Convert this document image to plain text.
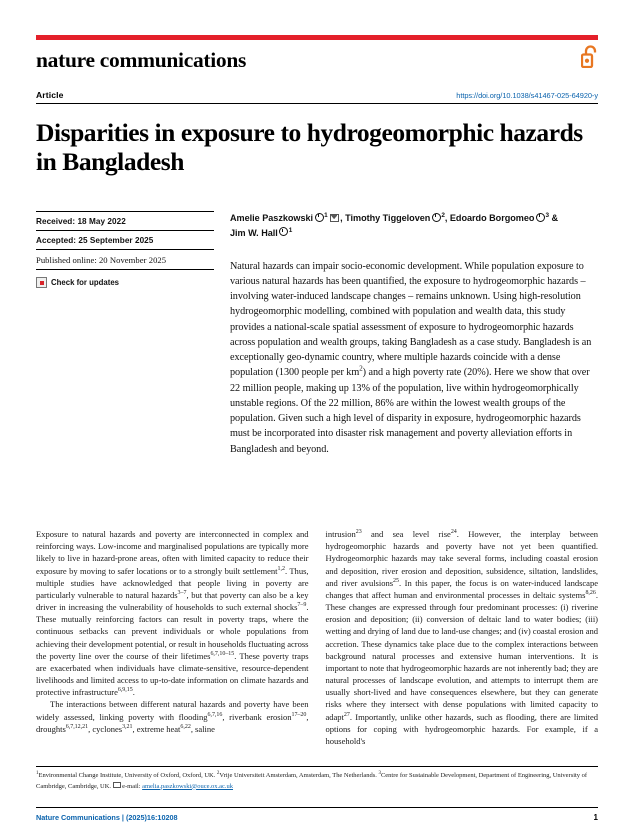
nature communications
Article	https://doi.org/10.1038/s41467-025-64920-y
Disparities in exposure to hydrogeomorphic hazards in Bangladesh
Received: 18 May 2022
Accepted: 25 September 2025
Published online: 20 November 2025
Check for updates
Amelie Paszkowski $^1$ , Timothy Tiggeloven $^2$, Edoardo Borgomeo $^3$ &
Jim W. Hall $^1$
Natural hazards can impair socio-economic development. While population exposure to various natural hazards has been quantified, the exposure to hydrogeomorphic hazards – involving water-induced landscape changes – remains unknown. Using high-resolution hydrogeomorphic modelling, combined with population and wealth data, this study provides a national-scale spatial assessment of exposure to hydrogeomorphic hazards across population and wealth groups, taking Bangladesh as a case study. Bangladesh is an exceptionally geo-dynamic country, where multiple hazards coincide with a dense population (1300 people per $km^2$) and a high poverty rate (20%). Here we show that over 22 million people, making up 13% of the population, live within hydrogeomorphically unstable regions. Of the 22 million, 86% are within the lowest wealth groups of the population. Given such a high level of disparity in exposure, hydrogeomorphic hazards must be incorporated into disaster risk management and poverty alleviation efforts in Bangladesh and beyond.

Exposure to natural hazards and poverty are interconnected in complex and reinforcing ways. Low-income and marginalised populations are typically more likely to live in hazard-prone areas, often with limited capacity to reduce their exposure by moving to safer locations or to a strongly built settlement$^{1,2}$. Thus, multiple studies have acknowledged that people living in poverty are particularly vulnerable to natural hazards$^{3-7}$, but that poverty can also be a key driver in increasing the vulnerability of households to such external shocks$^{7-9}$. These mutually reinforcing factors can result in poverty traps, where the continuous setbacks can prevent individuals or whole populations from achieving their development potential, or result in households fluctuating across the poverty line over the course of their lifetimes$^{6,7,10-15}$. These poverty traps are exacerbated when individuals have climate-sensitive, resource-dependent livelihoods and limited access to up-to-date information on climate hazards and protective infrastructure$^{6,9,15}$.

The interactions between different natural hazards and poverty have been widely assessed, linking poverty with flooding$^{6,7,16}$, riverbank erosion$^{17-20}$, droughts$^{6,7,12,21}$, cyclones$^{3,21}$, extreme heat$^{6,22}$, saline

intrusion$^{23}$ and sea level rise$^{24}$. However, the interplay between hydrogeomorphic hazards and poverty have not yet been quantified. Hydrogeomorphic hazards may take several forms, including coastal erosion and deposition, river erosion and deposition, subsidence, siltation, landslides, and river avulsions$^{25}$. In this paper, the focus is on water-induced landscape changes that affect human and environmental processes in deltaic systems$^{8,26}$. These changes are expressed through four predominant processes: (i) riverine erosion and deposition; (ii) conversion of deltaic land to water bodies; (iii) wetting and drying of land due to land-use changes; and (iv) coastal erosion and accretion. These dynamics take place due to the complex interactions between background natural processes and extensive human interventions. It is important to note that hydrogeomorphic hazards are not inherently bad; they are natural processes of landscape evolution, and attempts to interrupt them are usually short-lived and have consequences elsewhere, but they can generate risks where they intersect with dense populations with limited capacity to adapt$^{27}$. Importantly, unlike other hazards, such as flooding, there are limited options for coping with hydrogeomorphic hazards. For example, if a household's

$^1$Environmental Change Institute, University of Oxford, Oxford, UK. $^2$Vrije Universiteit Amsterdam, Amsterdam, The Netherlands. $^3$Centre for Sustainable Development, Department of Engineering, University of Cambridge, Cambridge, UK. e-mail: amelia.paszkowski@ouce.ox.ac.uk
Nature Communications | (2025)16:10208	1
